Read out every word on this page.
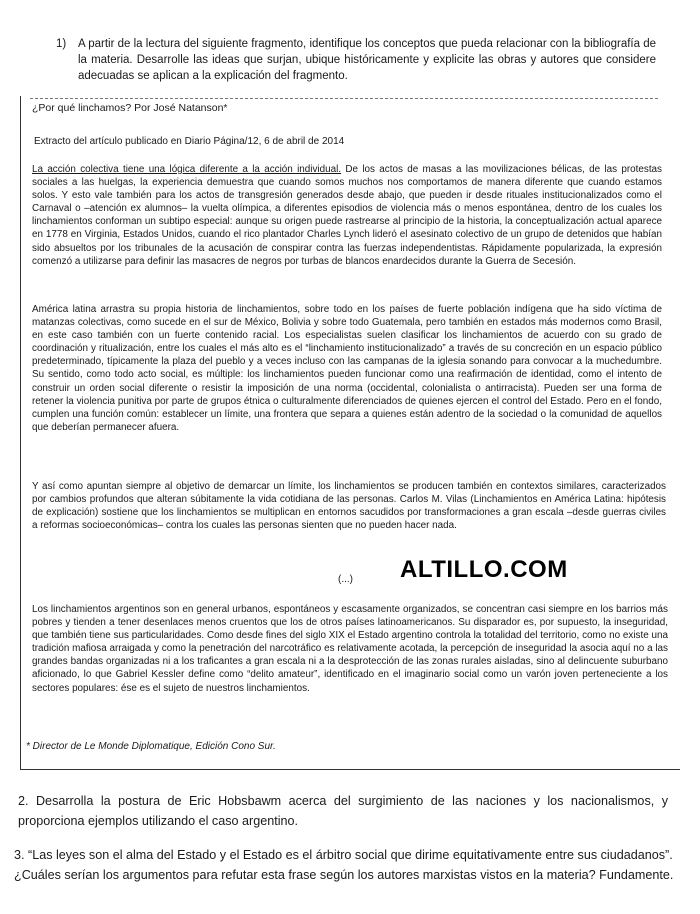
1) A partir de la lectura del siguiente fragmento, identifique los conceptos que pueda relacionar con la bibliografía de la materia. Desarrolle las ideas que surjan, ubique históricamente y explicite las obras y autores que considere adecuadas se aplican a la explicación del fragmento.
¿Por qué linchamos? Por José Natanson*
Extracto del artículo publicado en Diario Página/12, 6 de abril de 2014

La acción colectiva tiene una lógica diferente a la acción individual. De los actos de masas a las movilizaciones bélicas, de las protestas sociales a las huelgas, la experiencia demuestra que cuando somos muchos nos comportamos de manera diferente que cuando estamos solos. Y esto vale también para los actos de transgresión generados desde abajo, que pueden ir desde rituales institucionalizados como el Carnaval o –atención ex alumnos– la vuelta olímpica, a diferentes episodios de violencia más o menos espontánea, dentro de los cuales los linchamientos conforman un subtipo especial: aunque su origen puede rastrearse al principio de la historia, la conceptualización actual aparece en 1778 en Virginia, Estados Unidos, cuando el rico plantador Charles Lynch lideró el asesinato colectivo de un grupo de detenidos que habían sido absueltos por los tribunales de la acusación de conspirar contra las fuerzas independentistas. Rápidamente popularizada, la expresión comenzó a utilizarse para definir las masacres de negros por turbas de blancos enardecidos durante la Guerra de Secesión.

América latina arrastra su propia historia de linchamientos, sobre todo en los países de fuerte población indígena que ha sido víctima de matanzas colectivas, como sucede en el sur de México, Bolivia y sobre todo Guatemala, pero también en estados más modernos como Brasil, en este caso también con un fuerte contenido racial. Los especialistas suelen clasificar los linchamientos de acuerdo con su grado de coordinación y ritualización, entre los cuales el más alto es el “linchamiento institucionalizado” a través de su concreción en un espacio público predeterminado, típicamente la plaza del pueblo y a veces incluso con las campanas de la iglesia sonando para convocar a la muchedumbre. Su sentido, como todo acto social, es múltiple: los linchamientos pueden funcionar como una reafirmación de identidad, como el intento de construir un orden social diferente o resistir la imposición de una norma (occidental, colonialista o antirracista). Pueden ser una forma de retener la violencia punitiva por parte de grupos étnica o culturalmente diferenciados de quienes ejercen el control del Estado. Pero en el fondo, cumplen una función común: establecer un límite, una frontera que separa a quienes están adentro de la sociedad o la comunidad de aquellos que deberían permanecer afuera.

Y así como apuntan siempre al objetivo de demarcar un límite, los linchamientos se producen también en contextos similares, caracterizados por cambios profundos que alteran súbitamente la vida cotidiana de las personas. Carlos M. Vilas (Linchamientos en América Latina: hipótesis de explicación) sostiene que los linchamientos se multiplican en entornos sacudidos por transformaciones a gran escala –desde guerras civiles a reformas socioeconómicas– contra los cuales las personas sienten que no pueden hacer nada.

(...) ALTILLO.COM

Los linchamientos argentinos son en general urbanos, espontáneos y escasamente organizados, se concentran casi siempre en los barrios más pobres y tienden a tener desenlaces menos cruentos que los de otros países latinoamericanos. Su disparador es, por supuesto, la inseguridad, que también tiene sus particularidades. Como desde fines del siglo XIX el Estado argentino controla la totalidad del territorio, como no existe una tradición mafiosa arraigada y como la penetración del narcotráfico es relativamente acotada, la percepción de inseguridad la asocia aquí no a las grandes bandas organizadas ni a los traficantes a gran escala ni a la desprotección de las zonas rurales aisladas, sino al delincuente suburbano aficionado, lo que Gabriel Kessler define como “delito amateur”, identificado en el imaginario social como un varón joven perteneciente a los sectores populares: ése es el sujeto de nuestros linchamientos.

* Director de Le Monde Diplomatique, Edición Cono Sur.
2. Desarrolla la postura de Eric Hobsbawm acerca del surgimiento de las naciones y los nacionalismos, y proporciona ejemplos utilizando el caso argentino.
3. “Las leyes son el alma del Estado y el Estado es el árbitro social que dirime equitativamente entre sus ciudadanos”.
¿Cuáles serían los argumentos para refutar esta frase según los autores marxistas vistos en la materia? Fundamente.
